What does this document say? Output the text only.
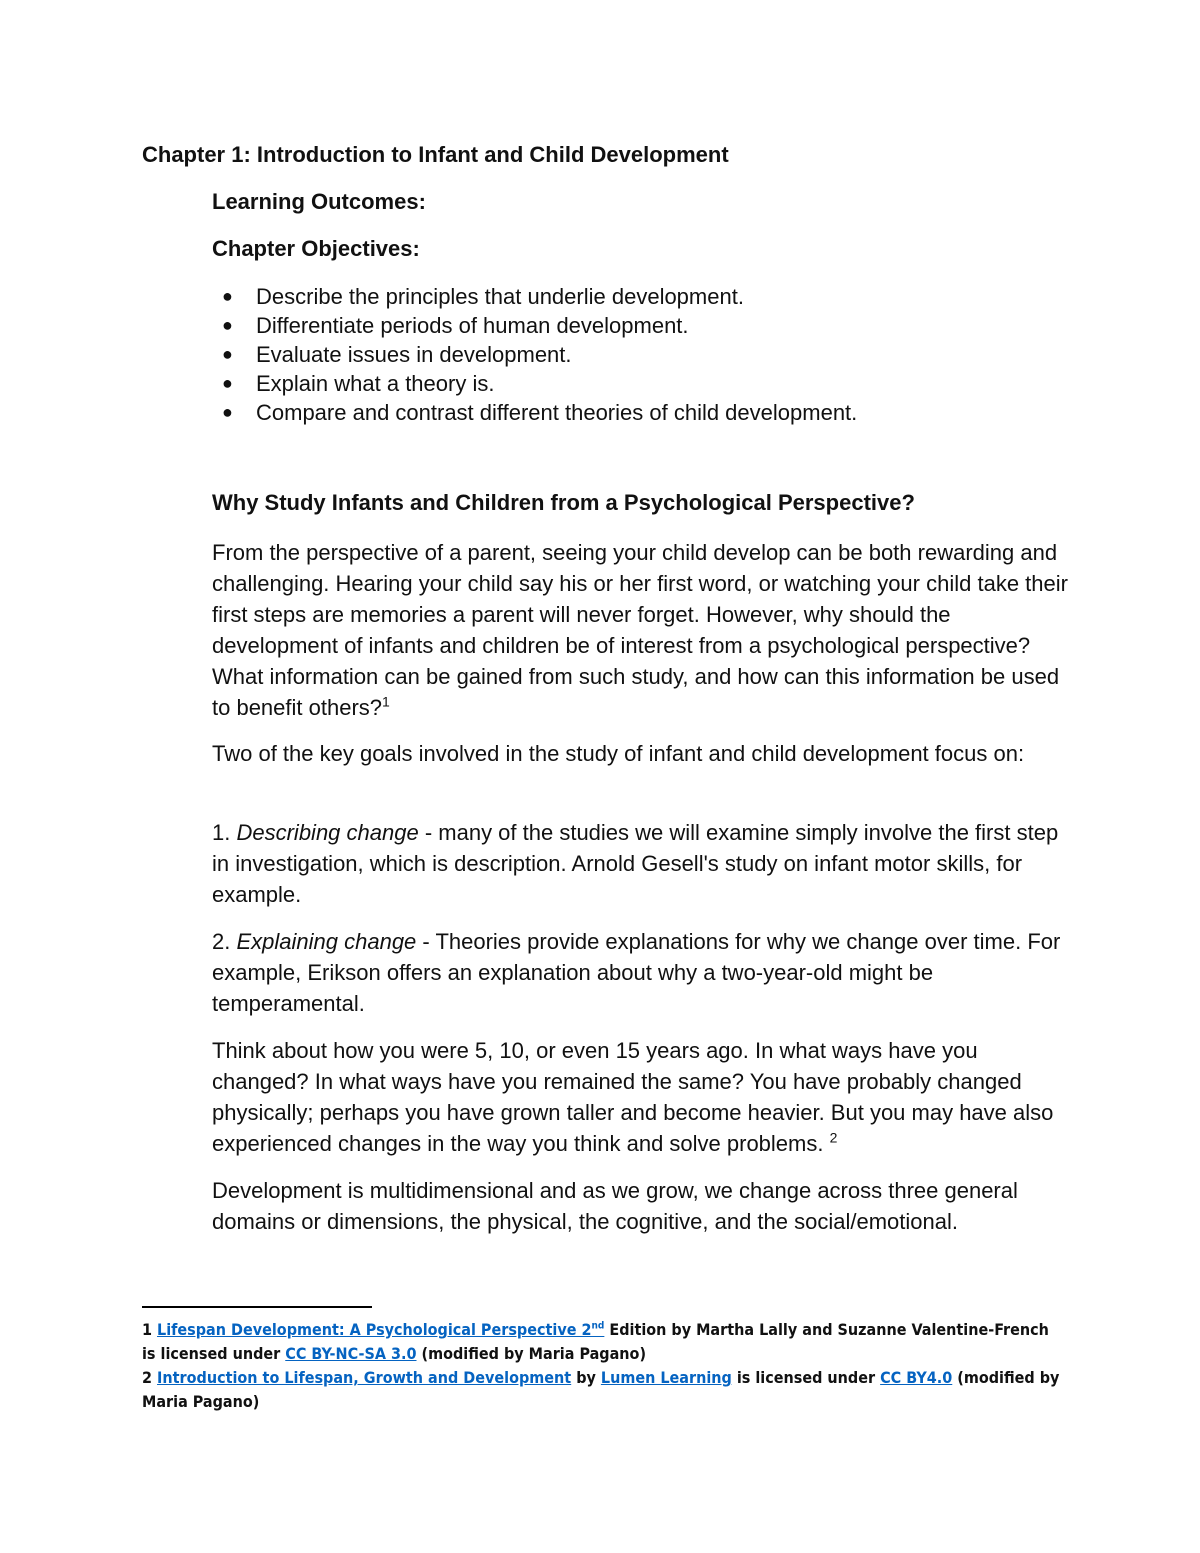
Chapter 1: Introduction to Infant and Child Development
Learning Outcomes:
Chapter Objectives:
● Describe the principles that underlie development.
● Differentiate periods of human development.
● Evaluate issues in development.
● Explain what a theory is.
● Compare and contrast different theories of child development.
Why Study Infants and Children from a Psychological Perspective?

From the perspective of a parent, seeing your child develop can be both rewarding and challenging. Hearing your child say his or her first word, or watching your child take their first steps are memories a parent will never forget. However, why should the development of infants and children be of interest from a psychological perspective? What information can be gained from such study, and how can this information be used to benefit others?$^1$

Two of the key goals involved in the study of infant and child development focus on:

1. Describing change - many of the studies we will examine simply involve the first step in investigation, which is description. Arnold Gesell's study on infant motor skills, for example.

2. Explaining change - Theories provide explanations for why we change over time. For example, Erikson offers an explanation about why a two-year-old might be temperamental.

Think about how you were 5, 10, or even 15 years ago. In what ways have you changed? In what ways have you remained the same? You have probably changed physically; perhaps you have grown taller and become heavier. But you may have also experienced changes in the way you think and solve problems. $^2$

Development is multidimensional and as we grow, we change across three general domains or dimensions, the physical, the cognitive, and the social/emotional.

1 Lifespan Development: A Psychological Perspective 2nd Edition by Martha Lally and Suzanne Valentine-French is licensed under CC BY-NC-SA 3.0 (modified by Maria Pagano)

2 Introduction to Lifespan, Growth and Development by Lumen Learning is licensed under CC BY4.0 (modified by Maria Pagano)
